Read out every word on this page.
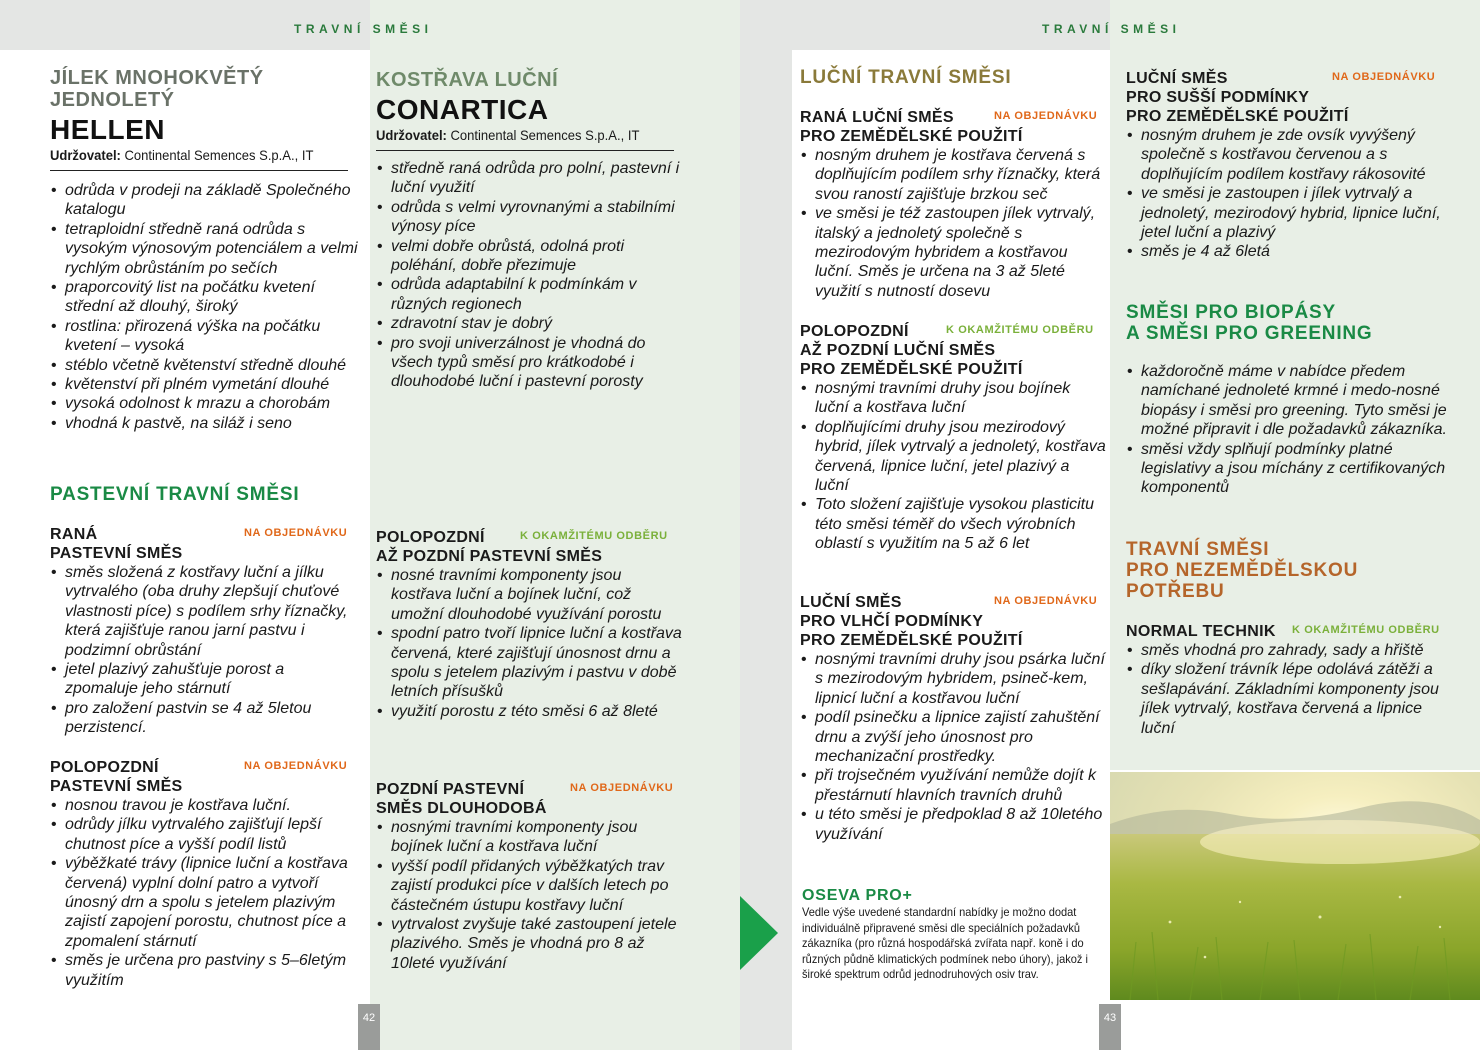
TRAVNÍ SMĚSI
JÍLEK MNOHOKVĚTÝ JEDNOLETÝ
HELLEN
Udržovatel: Continental Semences S.p.A., IT
• odrůda v prodeji na základě Společného katalogu
• tetraploidní středně raná odrůda s vysokým výnosovým potenciálem a velmi rychlým obrůstáním po sečích
• praporcovitý list na počátku kvetení střední až dlouhý, široký
• rostlina: přirozená výška na počátku kvetení – vysoká
• stéblo včetně květenství středně dlouhé
• květenství při plném vymetání dlouhé
• vysoká odolnost k mrazu a chorobám
• vhodná k pastvě, na siláž i seno
KOSTŘAVA LUČNÍ
CONARTICA
Udržovatel: Continental Semences S.p.A., IT
• středně raná odrůda pro polní, pastevní i luční využití
• odrůda s velmi vyrovnanými a stabilními výnosy píce
• velmi dobře obrůstá, odolná proti poléhání, dobře přezimuje
• odrůda adaptabilní k podmínkám v různých regionech
• zdravotní stav je dobrý
• pro svoji univerzálnost je vhodná do všech typů směsí pro krátkodobé i dlouhodobé luční i pastevní porosty
PASTEVNÍ TRAVNÍ SMĚSI
RANÁ
PASTEVNÍ SMĚS
NA OBJEDNÁVKU
• směs složená z kostřavy luční a jílku vytrvalého (oba druhy zlepšují chuťové vlastnosti píce) s podílem srhy říznačky, která zajišťuje ranou jarní pastvu i podzimní obrůstání
• jetel plazivý zahušťuje porost a zpomaluje jeho stárnutí
• pro založení pastvin se 4 až 5letou perzistencí.
POLOPOZDNÍ
PASTEVNÍ SMĚS
NA OBJEDNÁVKU
• nosnou travou je kostřava luční.
• odrůdy jílku vytrvalého zajišťují lepší chutnost píce a vyšší podíl listů
• výběžkaté trávy (lipnice luční a kostřava červená) vyplní dolní patro a vytvoří únosný drn a spolu s jetelem plazivým zajistí zapojení porostu, chutnost píce a zpomalení stárnutí
• směs je určena pro pastviny s 5–6letým využitím
POLOPOZDNÍ
AŽ POZDNÍ PASTEVNÍ SMĚS
K OKAMŽITÉMU ODBĚRU
• nosné travními komponenty jsou kostřava luční a bojínek luční, což umožní dlouhodobé využívání porostu
• spodní patro tvoří lipnice luční a kostřava červená, které zajišťují únosnost drnu a spolu s jetelem plazivým i pastvu v době letních přísušků
• využití porostu z této směsi 6 až 8leté
POZDNÍ PASTEVNÍ
SMĚS DLOUHODOBÁ
NA OBJEDNÁVKU
• nosnými travními komponenty jsou bojínek luční a kostřava luční
• vyšší podíl přidaných výběžkatých trav zajistí produkci píce v dalších letech po částečném ústupu kostřavy luční
• vytrvalost zvyšuje také zastoupení jetele plazivého. Směs je vhodná pro 8 až 10leté využívání
42
TRAVNÍ SMĚSI
LUČNÍ TRAVNÍ SMĚSI
RANÁ LUČNÍ SMĚS
PRO ZEMĚDĚLSKÉ POUŽITÍ
NA OBJEDNÁVKU
• nosným druhem je kostřava červená s doplňujícím podílem srhy říznačky, která svou raností zajišťuje brzkou seč
• ve směsi je též zastoupen jílek vytrvalý, italský a jednoletý společně s mezirodovým hybridem a kostřavou luční. Směs je určena na 3 až 5leté využití s nutností dosevu
POLOPOZDNÍ
AŽ POZDNÍ LUČNÍ SMĚS
PRO ZEMĚDĚLSKÉ POUŽITÍ
K OKAMŽITÉMU ODBĚRU
• nosnými travními druhy jsou bojínek luční a kostřava luční
• doplňujícími druhy jsou mezirodový hybrid, jílek vytrvalý a jednoletý, kostřava červená, lipnice luční, jetel plazivý a luční
• Toto složení zajišťuje vysokou plasticitu této směsi téměř do všech výrobních oblastí s využitím na 5 až 6 let
LUČNÍ SMĚS
PRO VLHČÍ PODMÍNKY
PRO ZEMĚDĚLSKÉ POUŽITÍ
NA OBJEDNÁVKU
• nosnými travními druhy jsou psárka luční s mezirodovým hybridem, psineč-kem, lipnicí luční a kostřavou luční
• podíl psinečku a lipnice zajistí zahuštění drnu a zvýší jeho únosnost pro mechanizační prostředky.
• při trojsečném využívání nemůže dojít k přestárnutí hlavních travních druhů
• u této směsi je předpoklad 8 až 10letého využívání
OSEVA PRO+
Vedle výše uvedené standardní nabídky je možno dodat individuálně připravené směsi dle speciálních požadavků zákazníka (pro různá hospodářská zvířata např. koně i do různých půdně klimatických podmínek nebo úhory), jakož i široké spektrum odrůd jednodruhových osiv trav.
LUČNÍ SMĚS
PRO SUŠŠÍ PODMÍNKY
PRO ZEMĚDĚLSKÉ POUŽITÍ
NA OBJEDNÁVKU
• nosným druhem je zde ovsík vyvýšený společně s kostřavou červenou a s doplňujícím podílem kostřavy rákosovité
• ve směsi je zastoupen i jílek vytrvalý a jednoletý, mezirodový hybrid, lipnice luční, jetel luční a plazivý
• směs je 4 až 6letá
SMĚSI PRO BIOPÁSY
A SMĚSI PRO GREENING
• každoročně máme v nabídce předem namíchané jednoleté krmné i medo-nosné biopásy i směsi pro greening. Tyto směsi je možné připravit i dle požadavků zákazníka.
• směsi vždy splňují podmínky platné legislativy a jsou míchány z certifikovaných komponentů
TRAVNÍ SMĚSI
PRO NEZEMĚDĚLSKOU
POTŘEBU
NORMAL TECHNIK	K OKAMŽITÉMU ODBĚRU
• směs vhodná pro zahrady, sady a hřiště
• díky složení trávník lépe odolává zátěži a sešlapávání. Základními komponenty jsou jílek vytrvalý, kostřava červená a lipnice luční
43
